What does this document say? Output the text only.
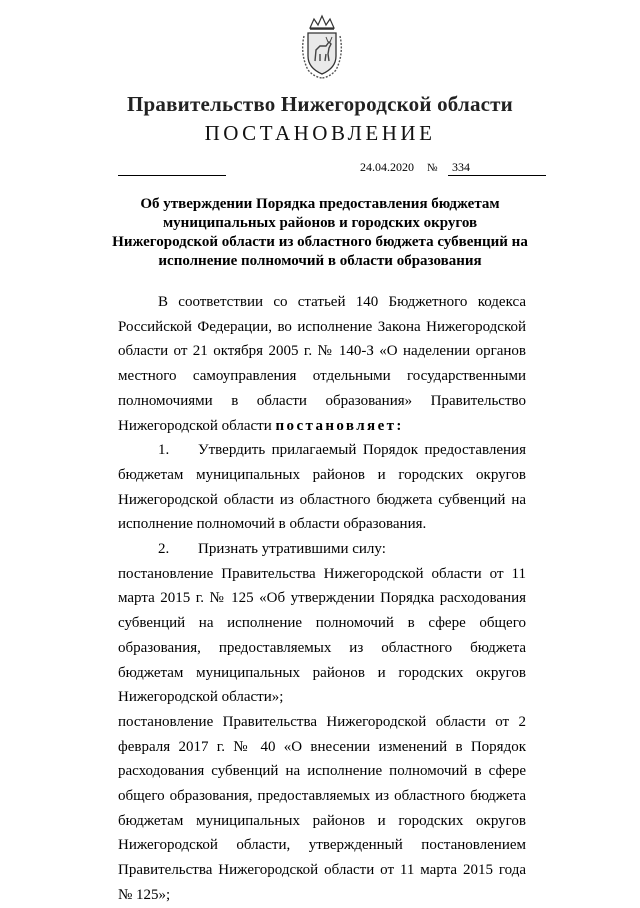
Правительство Нижегородской области
ПОСТАНОВЛЕНИЕ
24.04.2020 №	334
Об утверждении Порядка предоставления бюджетам
муниципальных районов и городских округов
Нижегородской области из областного бюджета субвенций на
исполнение полномочий в области образования

В соответствии со статьей 140 Бюджетного кодекса Российской Федерации, во исполнение Закона Нижегородской области от 21 октября 2005 г. № 140-З «О наделении органов местного самоуправления отдельными государственными полномочиями в области образования» Правительство Нижегородской области постановляет:

1. Утвердить прилагаемый Порядок предоставления бюджетам муниципальных районов и городских округов Нижегородской области из областного бюджета субвенций на исполнение полномочий в области образования.

2. Признать утратившими силу:

постановление Правительства Нижегородской области от 11 марта 2015 г. № 125 «Об утверждении Порядка расходования субвенций на исполнение полномочий в сфере общего образования, предоставляемых из областного бюджета бюджетам муниципальных районов и городских округов Нижегородской области»;

постановление Правительства Нижегородской области от 2 февраля 2017 г. № 40 «О внесении изменений в Порядок расходования субвенций на исполнение полномочий в сфере общего образования, предоставляемых из областного бюджета бюджетам муниципальных районов и городских округов Нижегородской области, утвержденный постановлением Правительства Нижегородской области от 11 марта 2015 года № 125»;
